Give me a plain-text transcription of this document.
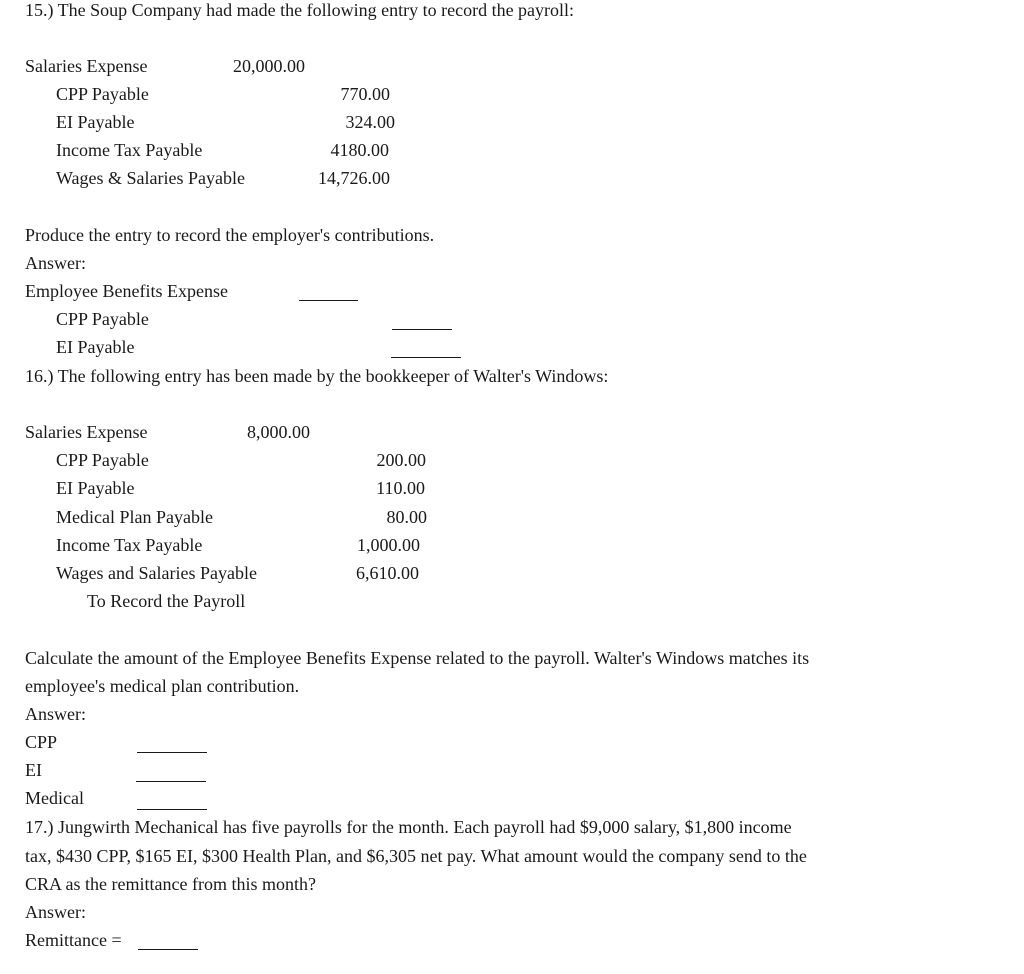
15.) The Soup Company had made the following entry to record the payroll:
Salaries Expense	20,000.00
CPP Payable	770.00
EI Payable	324.00
Income Tax Payable	4180.00
Wages & Salaries Payable	14,726.00
Produce the entry to record the employer's contributions.
Answer:
Employee Benefits Expense
CPP Payable
EI Payable
16.) The following entry has been made by the bookkeeper of Walter's Windows:
Salaries Expense	8,000.00
CPP Payable	200.00
EI Payable	110.00
Medical Plan Payable	80.00
Income Tax Payable	1,000.00
Wages and Salaries Payable	6,610.00
To Record the Payroll
Calculate the amount of the Employee Benefits Expense related to the payroll. Walter's Windows matches its
employee's medical plan contribution.
Answer:
CPP
EI
Medical
17.) Jungwirth Mechanical has five payrolls for the month. Each payroll had $9,000 salary, $1,800 income
tax, $430 CPP, $165 EI, $300 Health Plan, and $6,305 net pay. What amount would the company send to the
CRA as the remittance from this month?
Answer:
Remittance =
